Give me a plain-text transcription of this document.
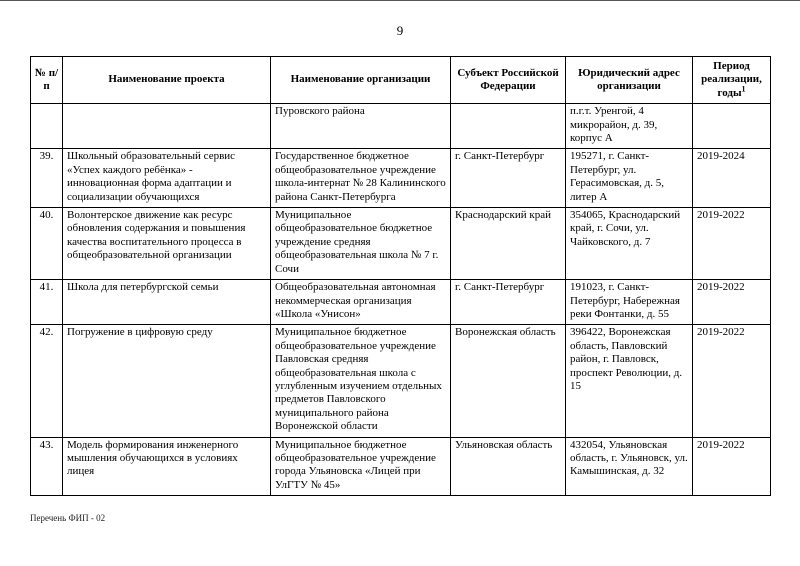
9
№ п/п	Наименование проекта	Наименование организации	Субъект Российской Федерации	Юридический адрес организации	Период реализации, годы$^1$
		Пуровского района		п.г.т. Уренгой, 4 микрорайон, д. 39, корпус А	
39.	Школьный образовательный сервис «Успех каждого ребёнка» - инновационная форма адаптации и социализации обучающихся	Государственное бюджетное общеобразовательное учреждение школа-интернат № 28 Калининского района Санкт-Петербурга	г. Санкт-Петербург	195271, г. Санкт-Петербург, ул. Герасимовская, д. 5, литер А	2019-2024
40.	Волонтерское движение как ресурс обновления содержания и повышения качества воспитательного процесса в общеобразовательной организации	Муниципальное общеобразовательное бюджетное учреждение средняя общеобразовательная школа № 7 г. Сочи	Краснодарский край	354065, Краснодарский край, г. Сочи, ул. Чайковского, д. 7	2019-2022
41.	Школа для петербургской семьи	Общеобразовательная автономная некоммерческая организация «Школа «Унисон»	г. Санкт-Петербург	191023, г. Санкт-Петербург, Набережная реки Фонтанки, д. 55	2019-2022
42.	Погружение в цифровую среду	Муниципальное бюджетное общеобразовательное учреждение Павловская средняя общеобразовательная школа с углубленным изучением отдельных предметов Павловского муниципального района Воронежской области	Воронежская область	396422, Воронежская область, Павловский район, г. Павловск, проспект Революции, д. 15	2019-2022
43.	Модель формирования инженерного мышления обучающихся в условиях лицея	Муниципальное бюджетное общеобразовательное учреждение города Ульяновска «Лицей при УлГТУ № 45»	Ульяновская область	432054, Ульяновская область, г. Ульяновск, ул. Камышинская, д. 32	2019-2022
Перечень ФИП - 02
